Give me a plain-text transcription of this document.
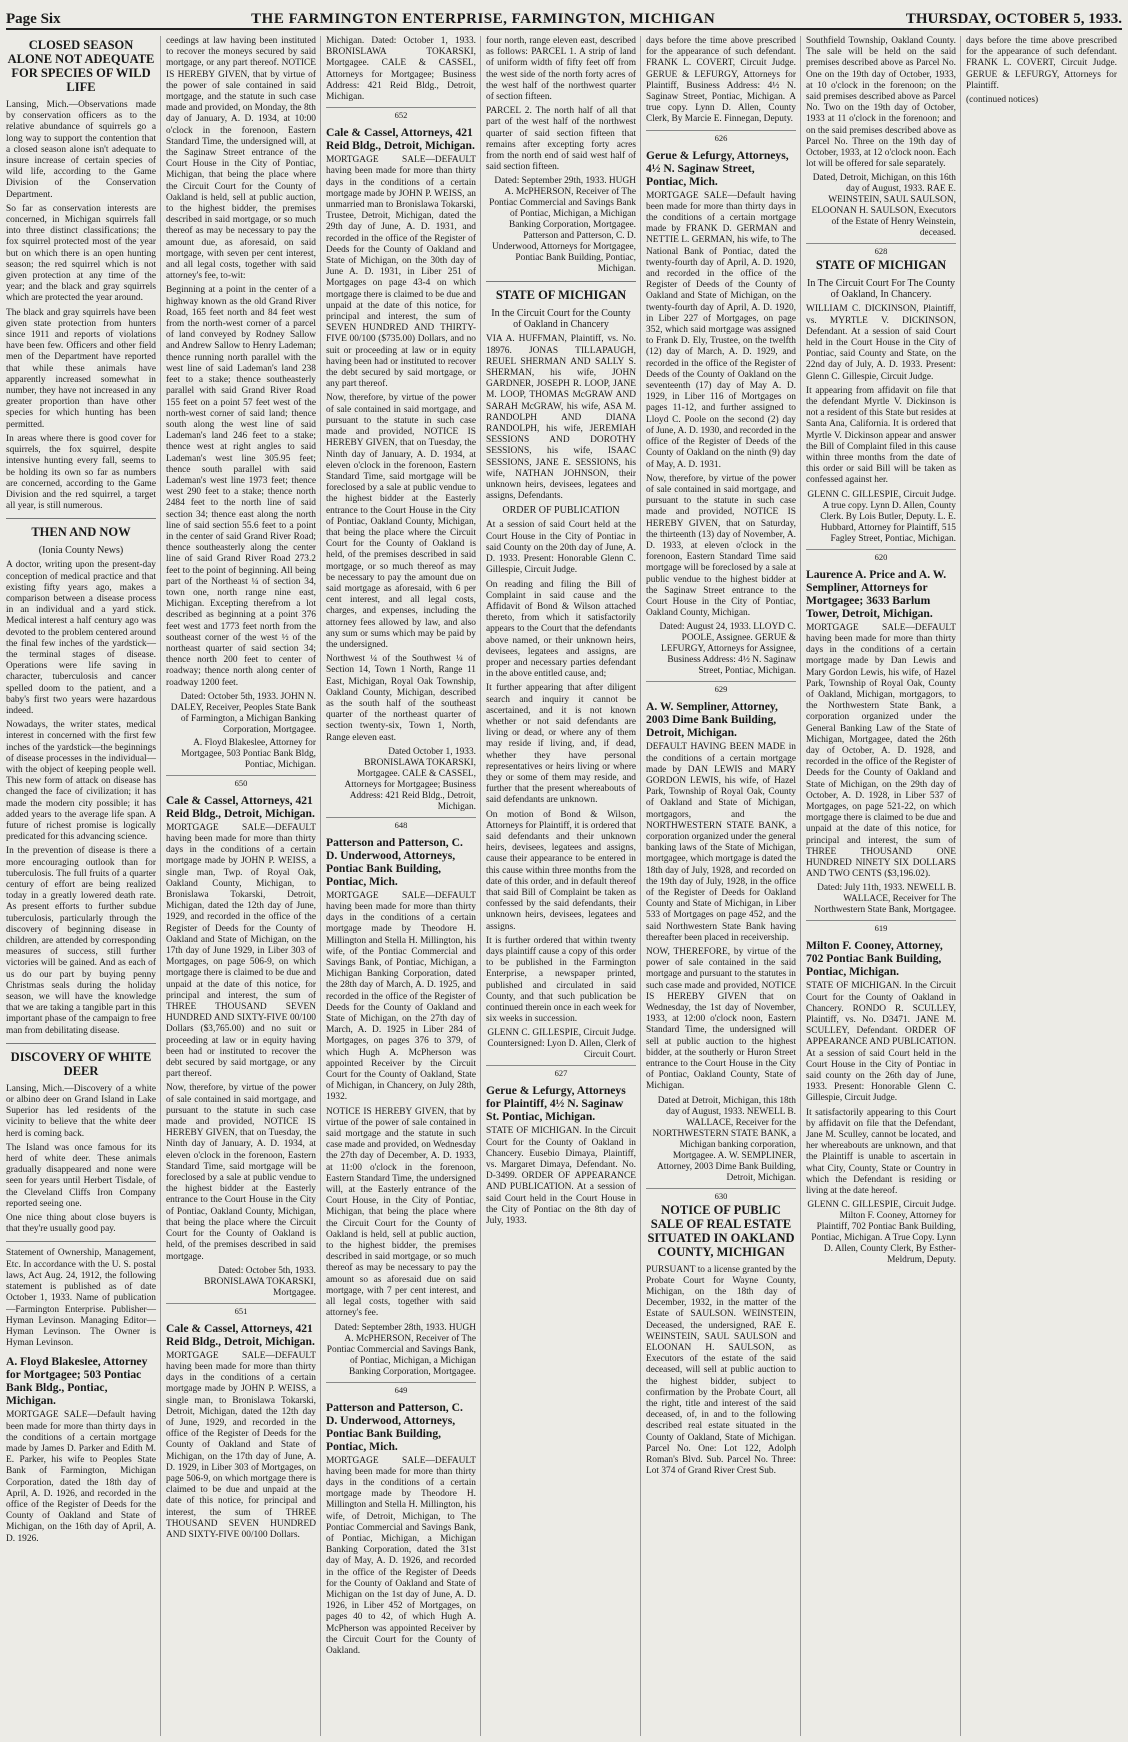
Page Six	THE FARMINGTON ENTERPRISE, FARMINGTON, MICHIGAN	THURSDAY, OCTOBER 5, 1933.
CLOSED SEASON ALONE NOT ADEQUATE FOR SPECIES OF WILD LIFE

Lansing, Mich.—Observations made by conservation officers as to the relative abundance of squirrels go a long way to support the contention that a closed season alone isn't adequate to insure increase of certain species of wild life, according to the Game Division of the Conservation Department.

So far as conservation interests are concerned, in Michigan squirrels fall into three distinct classifications; the fox squirrel protected most of the year but on which there is an open hunting season; the red squirrel which is not given protection at any time of the year; and the black and gray squirrels which are protected the year around.

The black and gray squirrels have been given state protection from hunters since 1911 and reports of violations have been few. Officers and other field men of the Department have reported that while these animals have apparently increased somewhat in number, they have not increased in any greater proportion than have other species for which hunting has been permitted.

In areas where there is good cover for squirrels, the fox squirrel, despite intensive hunting every fall, seems to be holding its own so far as numbers are concerned, according to the Game Division and the red squirrel, a target all year, is still numerous.

THEN AND NOW
(Ionia County News)

A doctor, writing upon the present-day conception of medical practice and that existing fifty years ago, makes a comparison between a disease process in an individual and a yard stick. Medical interest a half century ago was devoted to the problem centered around the final few inches of the yardstick—the terminal stages of disease. Operations were life saving in character, tuberculosis and cancer spelled doom to the patient, and a baby's first two years were hazardous indeed.

Nowadays, the writer states, medical interest in concerned with the first few inches of the yardstick—the beginnings of disease processes in the individual—with the object of keeping people well. This new form of attack on disease has changed the face of civilization; it has made the modern city possible; it has added years to the average life span. A future of richest promise is logically predicated for this advancing science.

In the prevention of disease is there a more encouraging outlook than for tuberculosis. The full fruits of a quarter century of effort are being realized today in a greatly lowered death rate. As present efforts to further subdue tuberculosis, particularly through the discovery of beginning disease in children, are attended by corresponding measures of success, still further victories will be gained. And as each of us do our part by buying penny Christmas seals during the holiday season, we will have the knowledge that we are taking a tangible part in this important phase of the campaign to free man from debilitating disease.

DISCOVERY OF WHITE DEER

Lansing, Mich.—Discovery of a white or albino deer on Grand Island in Lake Superior has led residents of the vicinity to believe that the white deer herd is coming back.

The Island was once famous for its herd of white deer. These animals gradually disappeared and none were seen for years until Herbert Tisdale, of the Cleveland Cliffs Iron Company reported seeing one.

One nice thing about close buyers is that they're usually good pay.

Statement of Ownership, Management, Etc. In accordance with the U. S. postal laws, Act Aug. 24, 1912, the following statement is published as of date October 1, 1933. Name of publication—Farmington Enterprise. Publisher—Hyman Levinson. Managing Editor—Hyman Levinson. The Owner is Hyman Levinson.

A. Floyd Blakeslee, Attorney for Mortgagee; 503 Pontiac Bank Bldg., Pontiac, Michigan.

MORTGAGE SALE—Default having been made for more than thirty days in the conditions of a certain mortgage made by James D. Parker and Edith M. E. Parker, his wife to Peoples State Bank of Farmington, Michigan Corporation, dated the 18th day of April, A. D. 1926, and recorded in the office of the Register of Deeds for the County of Oakland and State of Michigan, on the 16th day of April, A. D. 1926.

ceedings at law having been instituted to recover the moneys secured by said mortgage, or any part thereof. NOTICE IS HEREBY GIVEN, that by virtue of the power of sale contained in said mortgage, and the statute in such case made and provided, on Monday, the 8th day of January, A. D. 1934, at 10:00 o'clock in the forenoon, Eastern Standard Time, the undersigned will, at the Saginaw Street entrance of the Court House in the City of Pontiac, Michigan, that being the place where the Circuit Court for the County of Oakland is held, sell at public auction, to the highest bidder, the premises described in said mortgage, or so much thereof as may be necessary to pay the amount due, as aforesaid, on said mortgage, with seven per cent interest, and all legal costs, together with said attorney's fee, to-wit:

Beginning at a point in the center of a highway known as the old Grand River Road, 165 feet north and 84 feet west from the north-west corner of a parcel of land conveyed by Rodney Sallow and Andrew Sallow to Henry Lademan; thence running north parallel with the west line of said Lademan's land 238 feet to a stake; thence southeasterly parallel with said Grand River Road 155 feet on a point 57 feet west of the north-west corner of said land; thence south along the west line of said Lademan's land 246 feet to a stake; thence west at right angles to said Lademan's west line 305.95 feet; thence south parallel with said Lademan's west line 1973 feet; thence west 290 feet to a stake; thence north 2484 feet to the north line of said section 34; thence east along the north line of said section 55.6 feet to a point in the center of said Grand River Road; thence southeasterly along the center line of said Grand River Road 273.2 feet to the point of beginning. All being part of the Northeast ¼ of section 34, town one, north range nine east, Michigan. Excepting therefrom a lot described as beginning at a point 376 feet west and 1773 feet north from the southeast corner of the west ½ of the northeast quarter of said section 34; thence north 200 feet to center of roadway; thence north along center of roadway 1200 feet.

Dated: October 5th, 1933. JOHN N. DALEY, Receiver, Peoples State Bank of Farmington, a Michigan Banking Corporation, Mortgagee.
A. Floyd Blakeslee, Attorney for Mortgagee, 503 Pontiac Bank Bldg, Pontiac, Michigan.
650
Cale & Cassel, Attorneys, 421 Reid Bldg., Detroit, Michigan.

MORTGAGE SALE—DEFAULT having been made for more than thirty days in the conditions of a certain mortgage made by JOHN P. WEISS, a single man, Twp. of Royal Oak, Oakland County, Michigan, to Bronislawa Tokarski, Detroit, Michigan, dated the 12th day of June, 1929, and recorded in the office of the Register of Deeds for the County of Oakland and State of Michigan, on the 17th day of June 1929, in Liber 303 of Mortgages, on page 506-9, on which mortgage there is claimed to be due and unpaid at the date of this notice, for principal and interest, the sum of THREE THOUSAND SEVEN HUNDRED AND SIXTY-FIVE 00/100 Dollars ($3,765.00) and no suit or proceeding at law or in equity having been had or instituted to recover the debt secured by said mortgage, or any part thereof.

Now, therefore, by virtue of the power of sale contained in said mortgage, and pursuant to the statute in such case made and provided, NOTICE IS HEREBY GIVEN, that on Tuesday, the Ninth day of January, A. D. 1934, at eleven o'clock in the forenoon, Eastern Standard Time, said mortgage will be foreclosed by a sale at public vendue to the highest bidder at the Easterly entrance to the Court House in the City of Pontiac, Oakland County, Michigan, that being the place where the Circuit Court for the County of Oakland is held, of the premises described in said mortgage.

Dated: October 5th, 1933. BRONISLAWA TOKARSKI, Mortgagee.
651
Cale & Cassel, Attorneys, 421 Reid Bldg., Detroit, Michigan.

MORTGAGE SALE—DEFAULT having been made for more than thirty days in the conditions of a certain mortgage made by JOHN P. WEISS, a single man, to Bronislawa Tokarski, Detroit, Michigan, dated the 12th day of June, 1929, and recorded in the office of the Register of Deeds for the County of Oakland and State of Michigan, on the 17th day of June, A. D. 1929, in Liber 303 of Mortgages, on page 506-9, on which mortgage there is claimed to be due and unpaid at the date of this notice, for principal and interest, the sum of THREE THOUSAND SEVEN HUNDRED AND SIXTY-FIVE 00/100 Dollars.

Michigan. Dated: October 1, 1933. BRONISLAWA TOKARSKI, Mortgagee. CALE & CASSEL, Attorneys for Mortgagee; Business Address: 421 Reid Bldg., Detroit, Michigan.

652
Cale & Cassel, Attorneys, 421 Reid Bldg., Detroit, Michigan.

MORTGAGE SALE—DEFAULT having been made for more than thirty days in the conditions of a certain mortgage made by JOHN P. WEISS, an unmarried man to Bronislawa Tokarski, Trustee, Detroit, Michigan, dated the 29th day of June, A. D. 1931, and recorded in the office of the Register of Deeds for the County of Oakland and State of Michigan, on the 30th day of June A. D. 1931, in Liber 251 of Mortgages on page 43-4 on which mortgage there is claimed to be due and unpaid at the date of this notice, for principal and interest, the sum of SEVEN HUNDRED AND THIRTY-FIVE 00/100 ($735.00) Dollars, and no suit or proceeding at law or in equity having been had or instituted to recover the debt secured by said mortgage, or any part thereof.

Now, therefore, by virtue of the power of sale contained in said mortgage, and pursuant to the statute in such case made and provided, NOTICE IS HEREBY GIVEN, that on Tuesday, the Ninth day of January, A. D. 1934, at eleven o'clock in the forenoon, Eastern Standard Time, said mortgage will be foreclosed by a sale at public vendue to the highest bidder at the Easterly entrance to the Court House in the City of Pontiac, Oakland County, Michigan, that being the place where the Circuit Court for the County of Oakland is held, of the premises described in said mortgage, or so much thereof as may be necessary to pay the amount due on said mortgage as aforesaid, with 6 per cent interest, and all legal costs, charges, and expenses, including the attorney fees allowed by law, and also any sum or sums which may be paid by the undersigned.

Northwest ¼ of the Southwest ¼ of Section 14, Town 1 North, Range 11 East, Michigan, Royal Oak Township, Oakland County, Michigan, described as the south half of the southeast quarter of the northeast quarter of section twenty-six, Town 1, North, Range eleven east.

Dated October 1, 1933. BRONISLAWA TOKARSKI, Mortgagee. CALE & CASSEL, Attorneys for Mortgagee; Business Address: 421 Reid Bldg., Detroit, Michigan.
648
Patterson and Patterson, C. D. Underwood, Attorneys, Pontiac Bank Building, Pontiac, Mich.

MORTGAGE SALE—DEFAULT having been made for more than thirty days in the conditions of a certain mortgage made by Theodore H. Millington and Stella H. Millington, his wife, of the Pontiac Commercial and Savings Bank, of Pontiac, Michigan, a Michigan Banking Corporation, dated the 28th day of March, A. D. 1925, and recorded in the office of the Register of Deeds for the County of Oakland and State of Michigan, on the 27th day of March, A. D. 1925 in Liber 284 of Mortgages, on pages 376 to 379, of which Hugh A. McPherson was appointed Receiver by the Circuit Court for the County of Oakland, State of Michigan, in Chancery, on July 28th, 1932.

NOTICE IS HEREBY GIVEN, that by virtue of the power of sale contained in said mortgage and the statute in such case made and provided, on Wednesday the 27th day of December, A. D. 1933, at 11:00 o'clock in the forenoon, Eastern Standard Time, the undersigned will, at the Easterly entrance of the Court House, in the City of Pontiac, Michigan, that being the place where the Circuit Court for the County of Oakland is held, sell at public auction, to the highest bidder, the premises described in said mortgage, or so much thereof as may be necessary to pay the amount so as aforesaid due on said mortgage, with 7 per cent interest, and all legal costs, together with said attorney's fee.

Dated: September 28th, 1933. HUGH A. McPHERSON, Receiver of The Pontiac Commercial and Savings Bank, of Pontiac, Michigan, a Michigan Banking Corporation, Mortgagee.
649
Patterson and Patterson, C. D. Underwood, Attorneys, Pontiac Bank Building, Pontiac, Mich.

MORTGAGE SALE—DEFAULT having been made for more than thirty days in the conditions of a certain mortgage made by Theodore H. Millington and Stella H. Millington, his wife, of Detroit, Michigan, to The Pontiac Commercial and Savings Bank, of Pontiac, Michigan, a Michigan Banking Corporation, dated the 31st day of May, A. D. 1926, and recorded in the office of the Register of Deeds for the County of Oakland and State of Michigan on the 1st day of June, A. D. 1926, in Liber 452 of Mortgages, on pages 40 to 42, of which Hugh A. McPherson was appointed Receiver by the Circuit Court for the County of Oakland.

four north, range eleven east, described as follows: PARCEL 1. A strip of land of uniform width of fifty feet off from the west side of the north forty acres of the west half of the northwest quarter of section fifteen.

PARCEL 2. The north half of all that part of the west half of the northwest quarter of said section fifteen that remains after excepting forty acres from the north end of said west half of said section fifteen.

Dated: September 29th, 1933. HUGH A. McPHERSON, Receiver of The Pontiac Commercial and Savings Bank of Pontiac, Michigan, a Michigan Banking Corporation, Mortgagee. Patterson and Patterson, C. D. Underwood, Attorneys for Mortgagee, Pontiac Bank Building, Pontiac, Michigan.
STATE OF MICHIGAN
In the Circuit Court for the County of Oakland in Chancery

VIA A. HUFFMAN, Plaintiff, vs. No. 18976. JONAS TILLAPAUGH, REUEL SHERMAN AND SALLY S. SHERMAN, his wife, JOHN GARDNER, JOSEPH R. LOOP, JANE M. LOOP, THOMAS McGRAW AND SARAH McGRAW, his wife, ASA M. RANDOLPH AND DIANA RANDOLPH, his wife, JEREMIAH SESSIONS AND DOROTHY SESSIONS, his wife, ISAAC SESSIONS, JANE E. SESSIONS, his wife, NATHAN JOHNSON, their unknown heirs, devisees, legatees and assigns, Defendants.

ORDER OF PUBLICATION

At a session of said Court held at the Court House in the City of Pontiac in said County on the 20th day of June, A. D. 1933. Present: Honorable Glenn C. Gillespie, Circuit Judge.

On reading and filing the Bill of Complaint in said cause and the Affidavit of Bond & Wilson attached thereto, from which it satisfactorily appears to the Court that the defendants above named, or their unknown heirs, devisees, legatees and assigns, are proper and necessary parties defendant in the above entitled cause, and;

It further appearing that after diligent search and inquiry it cannot be ascertained, and it is not known whether or not said defendants are living or dead, or where any of them may reside if living, and, if dead, whether they have personal representatives or heirs living or where they or some of them may reside, and further that the present whereabouts of said defendants are unknown.

On motion of Bond & Wilson, Attorneys for Plaintiff, it is ordered that said defendants and their unknown heirs, devisees, legatees and assigns, cause their appearance to be entered in this cause within three months from the date of this order, and in default thereof that said Bill of Complaint be taken as confessed by the said defendants, their unknown heirs, devisees, legatees and assigns.

It is further ordered that within twenty days plaintiff cause a copy of this order to be published in the Farmington Enterprise, a newspaper printed, published and circulated in said County, and that such publication be continued therein once in each week for six weeks in succession.

GLENN C. GILLESPIE, Circuit Judge. Countersigned: Lyon D. Allen, Clerk of Circuit Court.
627
Gerue & Lefurgy, Attorneys for Plaintiff, 4½ N. Saginaw St. Pontiac, Michigan.

STATE OF MICHIGAN. In the Circuit Court for the County of Oakland in Chancery. Eusebio Dimaya, Plaintiff, vs. Margaret Dimaya, Defendant. No. D-3499. ORDER OF APPEARANCE AND PUBLICATION. At a session of said Court held in the Court House in the City of Pontiac on the 8th day of July, 1933.

days before the time above prescribed for the appearance of such defendant. FRANK L. COVERT, Circuit Judge. GERUE & LEFURGY, Attorneys for Plaintiff, Business Address: 4½ N. Saginaw Street, Pontiac, Michigan. A true copy. Lynn D. Allen, County Clerk, By Marcie E. Finnegan, Deputy.

626
Gerue & Lefurgy, Attorneys, 4½ N. Saginaw Street, Pontiac, Mich.

MORTGAGE SALE—Default having been made for more than thirty days in the conditions of a certain mortgage made by FRANK D. GERMAN and NETTIE L. GERMAN, his wife, to The National Bank of Pontiac, dated the twenty-fourth day of April, A. D. 1920, and recorded in the office of the Register of Deeds of the County of Oakland and State of Michigan, on the twenty-fourth day of April, A. D. 1920, in Liber 227 of Mortgages, on page 352, which said mortgage was assigned to Frank D. Ely, Trustee, on the twelfth (12) day of March, A. D. 1929, and recorded in the office of the Register of Deeds of the County of Oakland on the seventeenth (17) day of May A. D. 1929, in Liber 116 of Mortgages on pages 11-12, and further assigned to Lloyd C. Poole on the second (2) day of June, A. D. 1930, and recorded in the office of the Register of Deeds of the County of Oakland on the ninth (9) day of May, A. D. 1931.

Now, therefore, by virtue of the power of sale contained in said mortgage, and pursuant to the statute in such case made and provided, NOTICE IS HEREBY GIVEN, that on Saturday, the thirteenth (13) day of November, A. D. 1933, at eleven o'clock in the forenoon, Eastern Standard Time said mortgage will be foreclosed by a sale at public vendue to the highest bidder at the Saginaw Street entrance to the Court House in the City of Pontiac, Oakland County, Michigan.

Dated: August 24, 1933. LLOYD C. POOLE, Assignee. GERUE & LEFURGY, Attorneys for Assignee, Business Address: 4½ N. Saginaw Street, Pontiac, Michigan.
629
A. W. Sempliner, Attorney, 2003 Dime Bank Building, Detroit, Michigan.

DEFAULT HAVING BEEN MADE in the conditions of a certain mortgage made by DAN LEWIS and MARY GORDON LEWIS, his wife, of Hazel Park, Township of Royal Oak, County of Oakland and State of Michigan, mortgagors, and the NORTHWESTERN STATE BANK, a corporation organized under the general banking laws of the State of Michigan, mortgagee, which mortgage is dated the 18th day of July, 1928, and recorded on the 19th day of July, 1928, in the office of the Register of Deeds for Oakland County and State of Michigan, in Liber 533 of Mortgages on page 452, and the said Northwestern State Bank having thereafter been placed in receivership.

NOW, THEREFORE, by virtue of the power of sale contained in the said mortgage and pursuant to the statutes in such case made and provided, NOTICE IS HEREBY GIVEN that on Wednesday, the 1st day of November, 1933, at 12:00 o'clock noon, Eastern Standard Time, the undersigned will sell at public auction to the highest bidder, at the southerly or Huron Street entrance to the Court House in the City of Pontiac, Oakland County, State of Michigan.

Dated at Detroit, Michigan, this 18th day of August, 1933. NEWELL B. WALLACE, Receiver for the NORTHWESTERN STATE BANK, a Michigan banking corporation, Mortgagee. A. W. SEMPLINER, Attorney, 2003 Dime Bank Building, Detroit, Michigan.
630
NOTICE OF PUBLIC SALE OF REAL ESTATE SITUATED IN OAKLAND COUNTY, MICHIGAN

PURSUANT to a license granted by the Probate Court for Wayne County, Michigan, on the 18th day of December, 1932, in the matter of the Estate of SAULSON. WEINSTEIN, Deceased, the undersigned, RAE E. WEINSTEIN, SAUL SAULSON and ELOONAN H. SAULSON, as Executors of the estate of the said deceased, will sell at public auction to the highest bidder, subject to confirmation by the Probate Court, all the right, title and interest of the said deceased, of, in and to the following described real estate situated in the County of Oakland, State of Michigan. Parcel No. One: Lot 122, Adolph Roman's Blvd. Sub. Parcel No. Three: Lot 374 of Grand River Crest Sub.

Southfield Township, Oakland County. The sale will be held on the said premises described above as Parcel No. One on the 19th day of October, 1933, at 10 o'clock in the forenoon; on the said premises described above as Parcel No. Two on the 19th day of October, 1933 at 11 o'clock in the forenoon; and on the said premises described above as Parcel No. Three on the 19th day of October, 1933, at 12 o'clock noon. Each lot will be offered for sale separately.

Dated, Detroit, Michigan, on this 16th day of August, 1933. RAE E. WEINSTEIN, SAUL SAULSON, ELOONAN H. SAULSON, Executors of the Estate of Henry Weinstein, deceased.
628
STATE OF MICHIGAN
In The Circuit Court For The County of Oakland, In Chancery.

WILLIAM C. DICKINSON, Plaintiff, vs. MYRTLE V. DICKINSON, Defendant. At a session of said Court held in the Court House in the City of Pontiac, said County and State, on the 22nd day of July, A. D. 1933. Present: Glenn C. Gillespie, Circuit Judge.

It appearing from affidavit on file that the defendant Myrtle V. Dickinson is not a resident of this State but resides at Santa Ana, California. It is ordered that Myrtle V. Dickinson appear and answer the Bill of Complaint filed in this cause within three months from the date of this order or said Bill will be taken as confessed against her.

GLENN C. GILLESPIE, Circuit Judge. A true copy. Lynn D. Allen, County Clerk. By Lois Butler, Deputy. L. E. Hubbard, Attorney for Plaintiff, 515 Fagley Street, Pontiac, Michigan.
620
Laurence A. Price and A. W. Sempliner, Attorneys for Mortgagee; 3633 Barlum Tower, Detroit, Michigan.

MORTGAGE SALE—DEFAULT having been made for more than thirty days in the conditions of a certain mortgage made by Dan Lewis and Mary Gordon Lewis, his wife, of Hazel Park, Township of Royal Oak, County of Oakland, Michigan, mortgagors, to the Northwestern State Bank, a corporation organized under the General Banking Law of the State of Michigan, Mortgagee, dated the 26th day of October, A. D. 1928, and recorded in the office of the Register of Deeds for the County of Oakland and State of Michigan, on the 29th day of October, A. D. 1928, in Liber 537 of Mortgages, on page 521-22, on which mortgage there is claimed to be due and unpaid at the date of this notice, for principal and interest, the sum of THREE THOUSAND ONE HUNDRED NINETY SIX DOLLARS AND TWO CENTS ($3,196.02).

Dated: July 11th, 1933. NEWELL B. WALLACE, Receiver for The Northwestern State Bank, Mortgagee.
619
Milton F. Cooney, Attorney, 702 Pontiac Bank Building, Pontiac, Michigan.

STATE OF MICHIGAN. In the Circuit Court for the County of Oakland in Chancery. RONDO R. SCULLEY, Plaintiff, vs. No. D3471. JANE M. SCULLEY, Defendant. ORDER OF APPEARANCE AND PUBLICATION. At a session of said Court held in the Court House in the City of Pontiac in said county on the 26th day of June, 1933. Present: Honorable Glenn C. Gillespie, Circuit Judge.

It satisfactorily appearing to this Court by affidavit on file that the Defendant, Jane M. Sculley, cannot be located, and her whereabouts are unknown, and that the Plaintiff is unable to ascertain in what City, County, State or Country in which the Defendant is residing or living at the date hereof.

GLENN C. GILLESPIE, Circuit Judge. Milton F. Cooney, Attorney for Plaintiff, 702 Pontiac Bank Building, Pontiac, Michigan. A True Copy. Lynn D. Allen, County Clerk, By Esther-Meldrum, Deputy.

days before the time above prescribed for the appearance of such defendant. FRANK L. COVERT, Circuit Judge. GERUE & LEFURGY, Attorneys for Plaintiff.

(continued notices)
